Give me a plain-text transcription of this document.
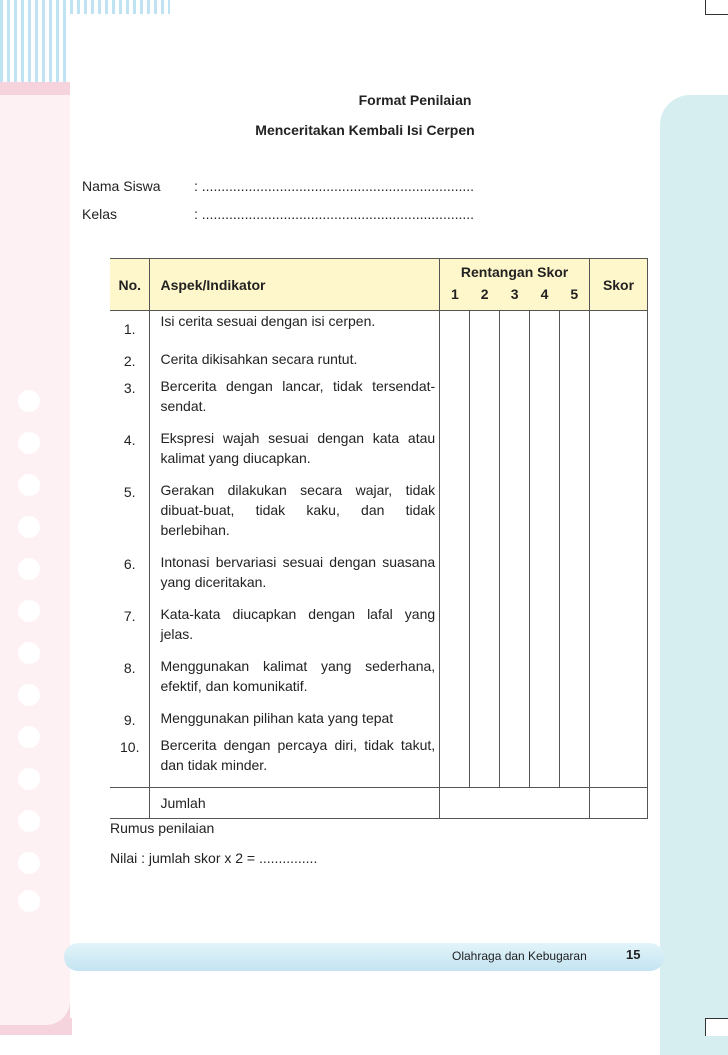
Format Penilaian
Menceritakan Kembali Isi Cerpen
Nama Siswa : ......................................................................
Kelas	: ......................................................................
No.	Aspek/Indikator	Rentangan Skor					Skor
		1	2	3	4	5	
1.	Isi cerita sesuai dengan isi cerpen.						
2.	Cerita dikisahkan secara runtut.						
3.	Bercerita dengan lancar, tidak tersendat-sendat.						
4.	Ekspresi wajah sesuai dengan kata atau kalimat yang diucapkan.						
5.	Gerakan dilakukan secara wajar, tidak dibuat-buat, tidak kaku, dan tidak berlebihan.						
6.	Intonasi bervariasi sesuai dengan suasana yang diceritakan.						
7.	Kata-kata diucapkan dengan lafal yang jelas.						
8.	Menggunakan kalimat yang sederhana, efektif, dan komunikatif.						
9.	Menggunakan pilihan kata yang tepat						
10.	Bercerita dengan percaya diri, tidak takut, dan tidak minder.						
	Jumlah						
Rumus penilaian
Nilai : jumlah skor x 2 = ...............
Olahraga dan Kebugaran	15
